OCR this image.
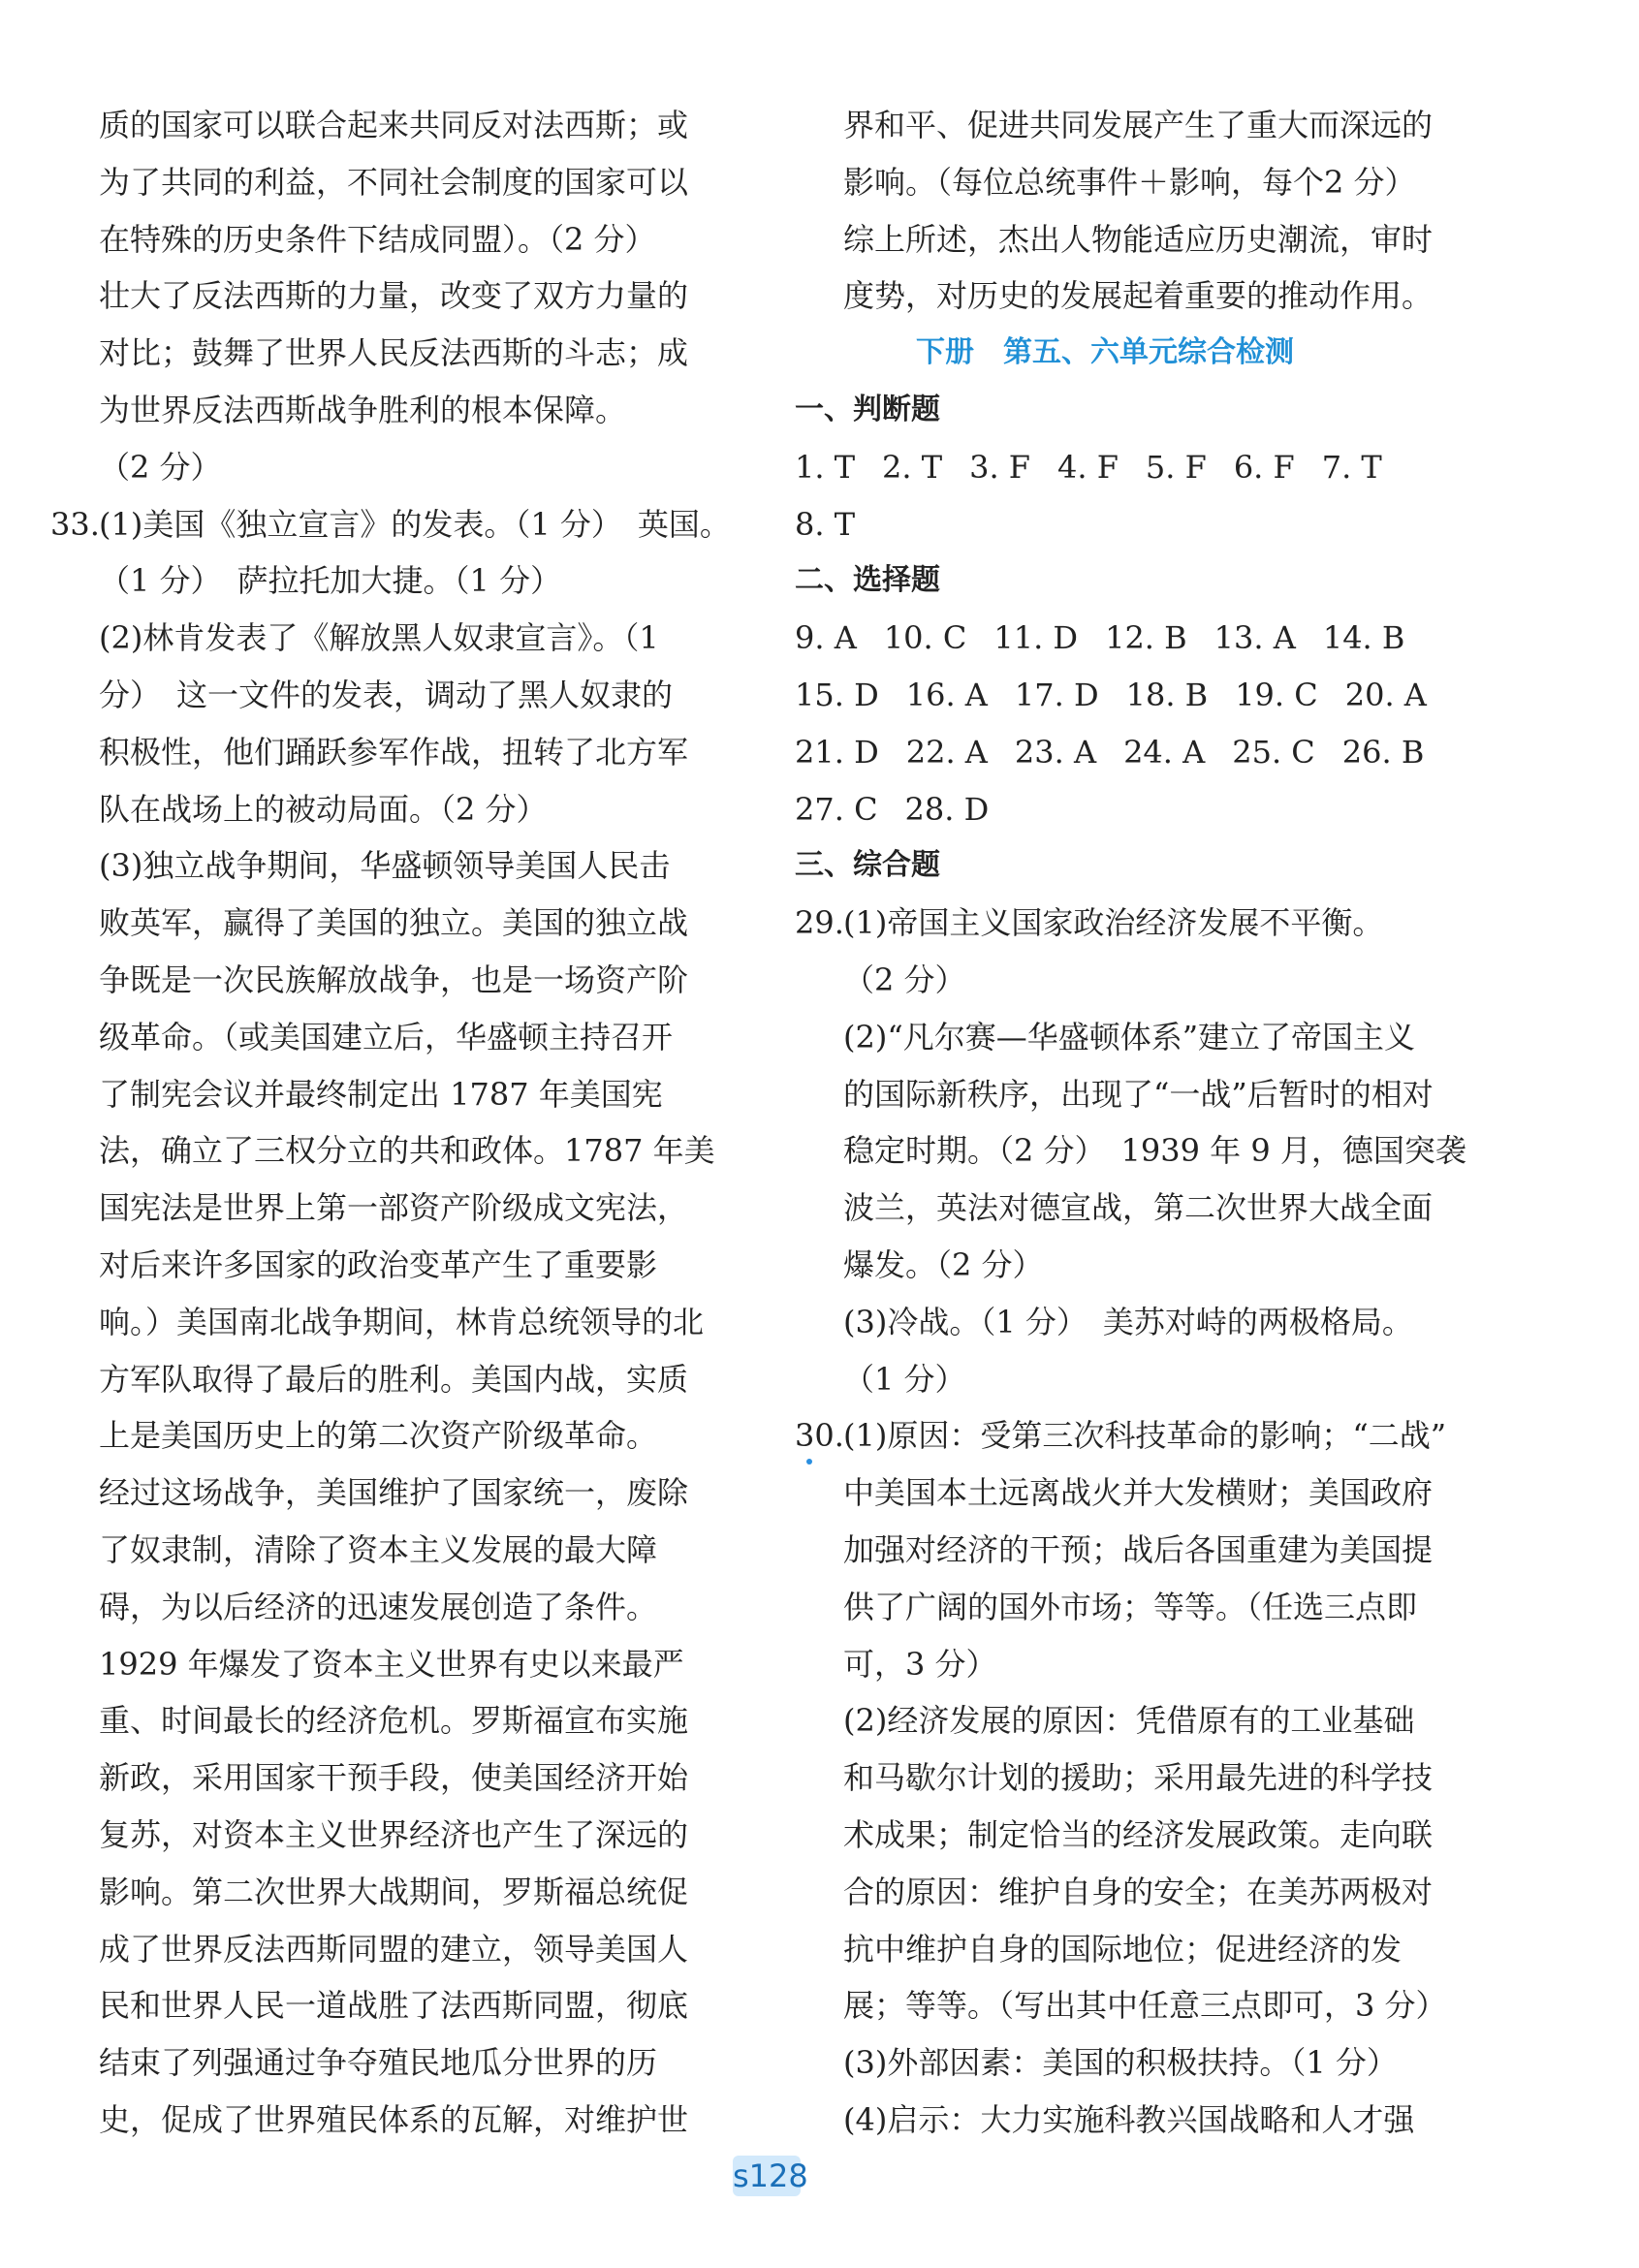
质的国家可以联合起来共同反对法西斯；或
为了共同的利益，不同社会制度的国家可以
在特殊的历史条件下结成同盟）。（2 分）
壮大了反法西斯的力量，改变了双方力量的
对比；鼓舞了世界人民反法西斯的斗志；成
为世界反法西斯战争胜利的根本保障。
（2 分）
33. (1)美国《独立宣言》的发表。（1 分）　英国。
（1 分）　萨拉托加大捷。（1 分）
(2)林肯发表了《解放黑人奴隶宣言》。（1
分）　这一文件的发表，调动了黑人奴隶的
积极性，他们踊跃参军作战，扭转了北方军
队在战场上的被动局面。（2 分）
(3)独立战争期间，华盛顿领导美国人民击
败英军，赢得了美国的独立。美国的独立战
争既是一次民族解放战争，也是一场资产阶
级革命。（或美国建立后，华盛顿主持召开
了制宪会议并最终制定出 1787 年美国宪
法，确立了三权分立的共和政体。1787 年美
国宪法是世界上第一部资产阶级成文宪法，
对后来许多国家的政治变革产生了重要影
响。）美国南北战争期间，林肯总统领导的北
方军队取得了最后的胜利。美国内战，实质
上是美国历史上的第二次资产阶级革命。
经过这场战争，美国维护了国家统一，废除
了奴隶制，清除了资本主义发展的最大障
碍，为以后经济的迅速发展创造了条件。
1929 年爆发了资本主义世界有史以来最严
重、时间最长的经济危机。罗斯福宣布实施
新政，采用国家干预手段，使美国经济开始
复苏，对资本主义世界经济也产生了深远的
影响。第二次世界大战期间，罗斯福总统促
成了世界反法西斯同盟的建立，领导美国人
民和世界人民一道战胜了法西斯同盟，彻底
结束了列强通过争夺殖民地瓜分世界的历
史，促成了世界殖民体系的瓦解，对维护世
界和平、促进共同发展产生了重大而深远的
影响。（每位总统事件＋影响，每个2 分）
综上所述，杰出人物能适应历史潮流，审时
度势，对历史的发展起着重要的推动作用。
下册　第五、六单元综合检测
一、判断题
1. T 2. T 3. F 4. F 5. F 6. F 7. T
8. T
二、选择题
9. A 10. C 11. D 12. B 13. A 14. B
15. D 16. A 17. D 18. B 19. C 20. A
21. D 22. A 23. A 24. A 25. C 26. B
27. C 28. D
三、综合题
29. (1)帝国主义国家政治经济发展不平衡。
（2 分）
(2)“凡尔赛—华盛顿体系”建立了帝国主义
的国际新秩序，出现了“一战”后暂时的相对
稳定时期。（2 分）　1939 年 9 月，德国突袭
波兰，英法对德宣战，第二次世界大战全面
爆发。（2 分）
(3)冷战。（1 分）　美苏对峙的两极格局。
（1 分）
30. (1)原因：受第三次科技革命的影响；“二战”
中美国本土远离战火并大发横财；美国政府
加强对经济的干预；战后各国重建为美国提
供了广阔的国外市场；等等。（任选三点即
可，3 分）
(2)经济发展的原因：凭借原有的工业基础
和马歇尔计划的援助；采用最先进的科学技
术成果；制定恰当的经济发展政策。走向联
合的原因：维护自身的安全；在美苏两极对
抗中维护自身的国际地位；促进经济的发
展；等等。（写出其中任意三点即可，3 分）
(3)外部因素：美国的积极扶持。（1 分）
(4)启示：大力实施科教兴国战略和人才强
s128
